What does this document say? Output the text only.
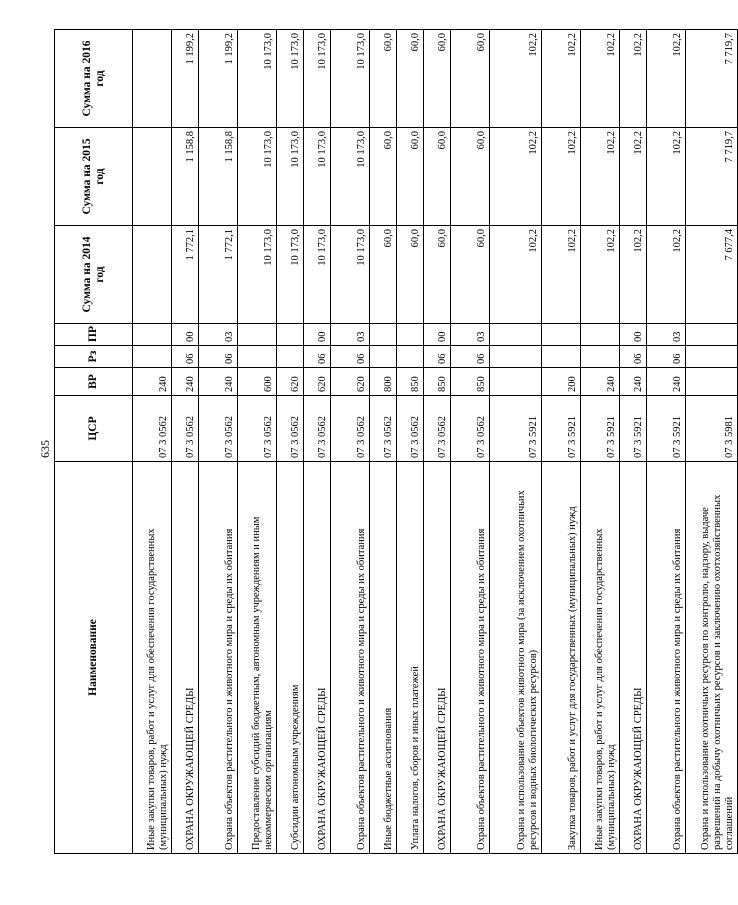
635
Наименование	ЦСР	ВР	Рз	ПР	Сумма на 2014 год	Сумма на 2015 год	Сумма на 2016 год
Иные закупки товаров, работ и услуг для обеспечения государственных (муниципальных) нужд	07 3 0562	240					
ОХРАНА ОКРУЖАЮЩЕЙ СРЕДЫ	07 3 0562	240	06	00	1 772,1	1 158,8	1 199,2
Охрана объектов растительного и животного мира и среды их обитания	07 3 0562	240	06	03	1 772,1	1 158,8	1 199,2
Предоставление субсидий бюджетным, автономным учреждениям и иным некоммерческим организациям	07 3 0562	600			10 173,0	10 173,0	10 173,0
Субсидии автономным учреждениям	07 3 0562	620			10 173,0	10 173,0	10 173,0
ОХРАНА ОКРУЖАЮЩЕЙ СРЕДЫ	07 3 0562	620	06	00	10 173,0	10 173,0	10 173,0
Охрана объектов растительного и животного мира и среды их обитания	07 3 0562	620	06	03	10 173,0	10 173,0	10 173,0
Иные бюджетные ассигнования	07 3 0562	800			60,0	60,0	60,0
Уплата налогов, сборов и иных платежей	07 3 0562	850			60,0	60,0	60,0
ОХРАНА ОКРУЖАЮЩЕЙ СРЕДЫ	07 3 0562	850	06	00	60,0	60,0	60,0
Охрана объектов растительного и животного мира и среды их обитания	07 3 0562	850	06	03	60,0	60,0	60,0
Охрана и использование объектов животного мира (за исключением охотничьих ресурсов и водных биологических ресурсов)	07 3 5921				102,2	102,2	102,2
Закупка товаров, работ и услуг для государственных (муниципальных) нужд	07 3 5921	200			102,2	102,2	102,2
Иные закупки товаров, работ и услуг для обеспечения государственных (муниципальных) нужд	07 3 5921	240			102,2	102,2	102,2
ОХРАНА ОКРУЖАЮЩЕЙ СРЕДЫ	07 3 5921	240	06	00	102,2	102,2	102,2
Охрана объектов растительного и животного мира и среды их обитания	07 3 5921	240	06	03	102,2	102,2	102,2
Охрана и использование охотничьих ресурсов по контролю, надзору, выдаче разрешений на добычу охотничьих ресурсов и заключению охотхозяйственных соглашений	07 3 5981				7 677,4	7 719,7	7 719,7
